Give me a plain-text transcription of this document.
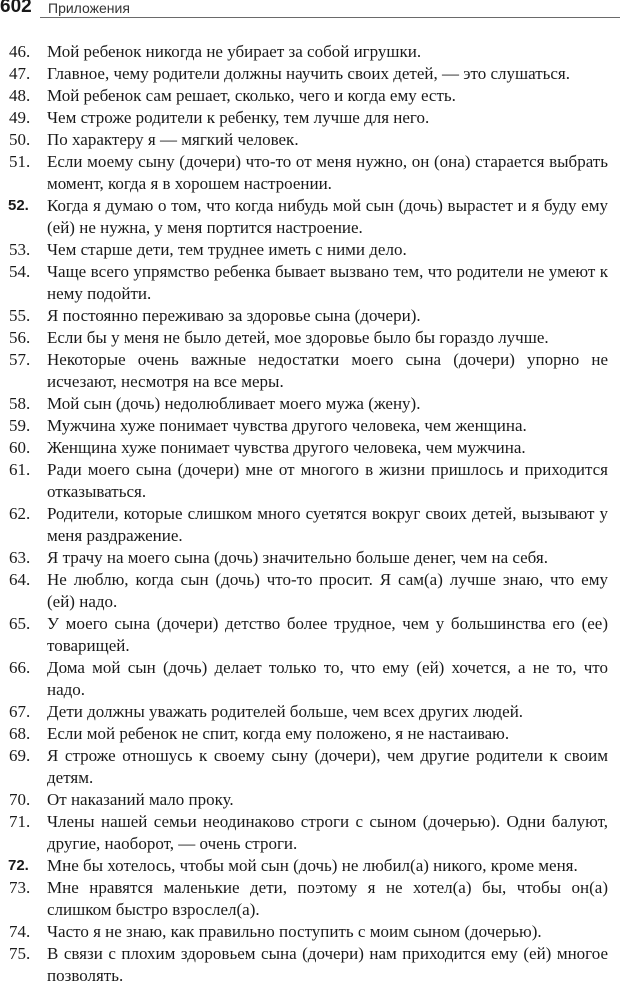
602 Приложения
46. Мой ребенок никогда не убирает за собой игрушки.
47. Главное, чему родители должны научить своих детей, — это слушаться.
48. Мой ребенок сам решает, сколько, чего и когда ему есть.
49. Чем строже родители к ребенку, тем лучше для него.
50. По характеру я — мягкий человек.
51. Если моему сыну (дочери) что-то от меня нужно, он (она) старается выбрать момент, когда я в хорошем настроении.
52. Когда я думаю о том, что когда нибудь мой сын (дочь) вырастет и я буду ему (ей) не нужна, у меня портится настроение.
53. Чем старше дети, тем труднее иметь с ними дело.
54. Чаще всего упрямство ребенка бывает вызвано тем, что родители не умеют к нему подойти.
55. Я постоянно переживаю за здоровье сына (дочери).
56. Если бы у меня не было детей, мое здоровье было бы гораздо лучше.
57. Некоторые очень важные недостатки моего сына (дочери) упорно не исчезают, несмотря на все меры.
58. Мой сын (дочь) недолюбливает моего мужа (жену).
59. Мужчина хуже понимает чувства другого человека, чем женщина.
60. Женщина хуже понимает чувства другого человека, чем мужчина.
61. Ради моего сына (дочери) мне от многого в жизни пришлось и приходится отказываться.
62. Родители, которые слишком много суетятся вокруг своих детей, вызывают у меня раздражение.
63. Я трачу на моего сына (дочь) значительно больше денег, чем на себя.
64. Не люблю, когда сын (дочь) что-то просит. Я сам(а) лучше знаю, что ему (ей) надо.
65. У моего сына (дочери) детство более трудное, чем у большинства его (ее) товарищей.
66. Дома мой сын (дочь) делает только то, что ему (ей) хочется, а не то, что надо.
67. Дети должны уважать родителей больше, чем всех других людей.
68. Если мой ребенок не спит, когда ему положено, я не настаиваю.
69. Я строже отношусь к своему сыну (дочери), чем другие родители к своим детям.
70. От наказаний мало проку.
71. Члены нашей семьи неодинаково строги с сыном (дочерью). Одни балуют, другие, наоборот, — очень строги.
72. Мне бы хотелось, чтобы мой сын (дочь) не любил(а) никого, кроме меня.
73. Мне нравятся маленькие дети, поэтому я не хотел(а) бы, чтобы он(а) слишком быстро взрослел(а).
74. Часто я не знаю, как правильно поступить с моим сыном (дочерью).
75. В связи с плохим здоровьем сына (дочери) нам приходится ему (ей) многое позволять.
